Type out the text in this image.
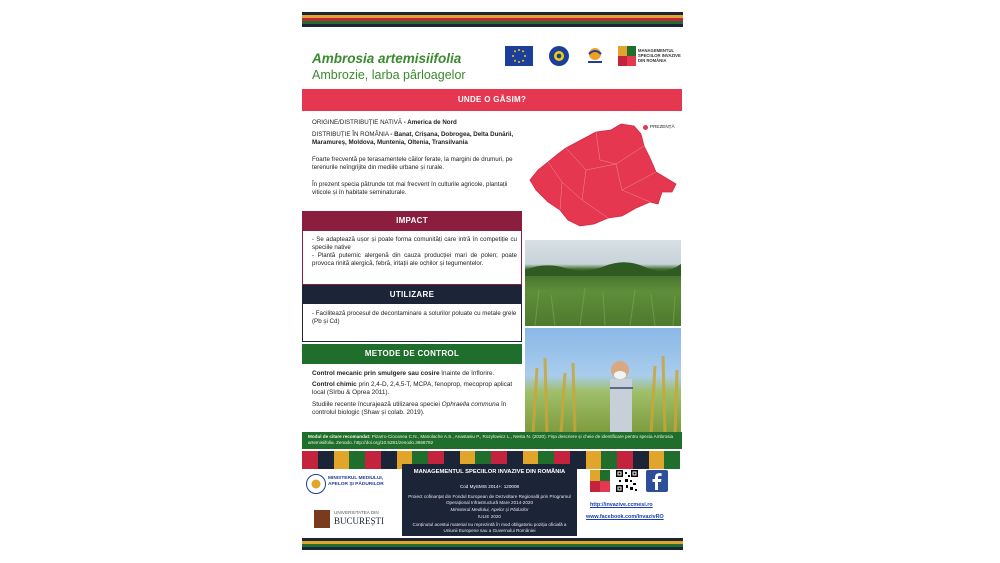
Ambrosia artemisiifolia
Ambrozie, larba pârloagelor
MANAGEMENTUL SPECIILOR INVAZIVE DIN ROMÂNIA
UNDE O GĂSIM?
ORIGINE/DISTRIBUȚIE NATIVĂ - America de Nord
DISTRIBUȚIE ÎN ROMÂNIA - Banat, Crișana, Dobrogea, Delta Dunării, Maramureș, Moldova, Muntenia, Oltenia, Transilvania
Foarte frecventă pe terasamentele căilor ferate, la margini de drumuri, pe terenurile neîngrijite din mediile urbane și rurale.
În prezent specia pătrunde tot mai frecvent în culturile agricole, plantații viticole și în habitate seminaturale.
PREZENȚĂ
IMPACT
- Se adaptează ușor și poate forma comunități care intră în competiție cu speciile native
- Plantă puternic alergenă din cauza producției mari de polen; poate provoca rinită alergică, febră, iritații ale ochilor și tegumentelor.
UTILIZARE
- Facilitează procesul de decontaminare a solurilor poluate cu metale grele (Pb și Cd)
METODE DE CONTROL
Control mecanic prin smulgere sau cosire înainte de înflorire.
Control chimic prin 2,4-D, 2,4,5-T, MCPA, fenoprop, mecoprop aplicat local (Sîrbu & Oprea 2011).
Studiile recente încurajează utilizarea speciei Ophraella communa în controlul biologic (Shaw și colab. 2019).
Modul de citare recomandat: Pizarro-Ciocanea C.N., Manolache A.S., Anastasiu P., Rozylowicz L., Nesta N. (2020). Fișa descriere și cheie de identificare pentru specia Ambrosia artemisiifolia. Zenodo. http://doi.org/10.5281/zenodo.3966792
MINISTERUL MEDIULUI, APELOR ȘI PĂDURILOR
UNIVERSITATEA DIN
BUCUREȘTI
MANAGEMENTUL SPECIILOR INVAZIVE DIN ROMÂNIA
Cod MySMIS 2014+: 120008
Proiect cofinanțat din Fondul European de Dezvoltare Regională prin Programul Operațional Infrastructură Mare 2014-2020
Ministerul Mediului, Apelor și Pădurilor
IULIE 2020
Conținutul acestui material nu reprezintă în mod obligatoriu poziția oficială a Uniunii Europene sau a Guvernului României
http://invazive.ccmesi.ro
www.facebook.com/InvazivRO
